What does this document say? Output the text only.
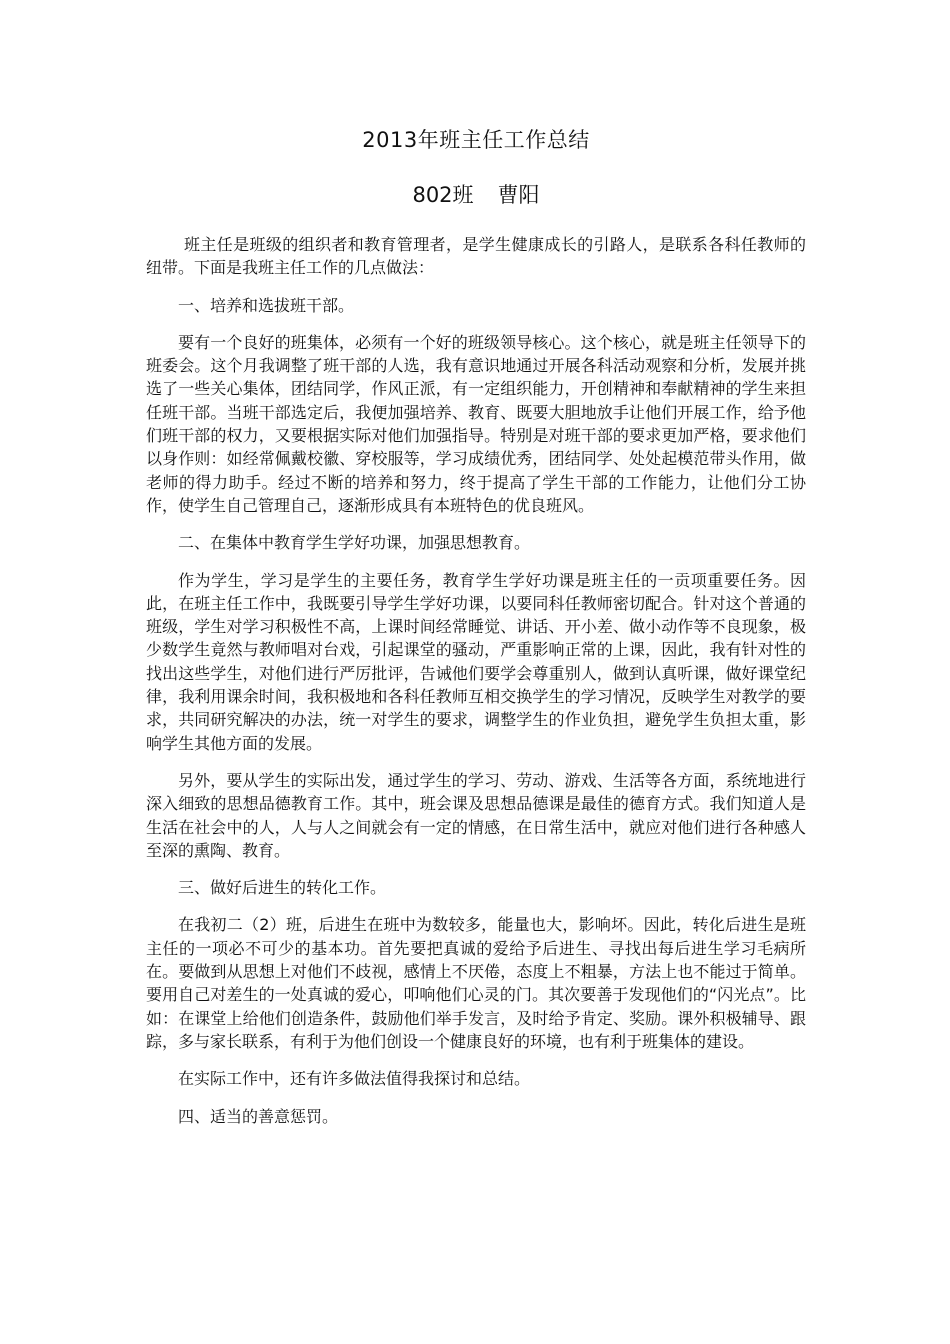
2013年班主任工作总结
802班 曹阳

班主任是班级的组织者和教育管理者，是学生健康成长的引路人，是联系各科任教师的纽带。下面是我班主任工作的几点做法：

一、培养和选拔班干部。

要有一个良好的班集体，必须有一个好的班级领导核心。这个核心，就是班主任领导下的班委会。这个月我调整了班干部的人选，我有意识地通过开展各科活动观察和分析，发展并挑选了一些关心集体，团结同学，作风正派，有一定组织能力，开创精神和奉献精神的学生来担任班干部。当班干部选定后，我便加强培养、教育、既要大胆地放手让他们开展工作，给予他们班干部的权力，又要根据实际对他们加强指导。特别是对班干部的要求更加严格，要求他们以身作则：如经常佩戴校徽、穿校服等，学习成绩优秀，团结同学、处处起模范带头作用，做老师的得力助手。经过不断的培养和努力，终于提高了学生干部的工作能力，让他们分工协作，使学生自己管理自己，逐渐形成具有本班特色的优良班风。

二、在集体中教育学生学好功课，加强思想教育。

作为学生，学习是学生的主要任务，教育学生学好功课是班主任的一贡项重要任务。因此，在班主任工作中，我既要引导学生学好功课，以要同科任教师密切配合。针对这个普通的班级，学生对学习积极性不高，上课时间经常睡觉、讲话、开小差、做小动作等不良现象，极少数学生竟然与教师唱对台戏，引起课堂的骚动，严重影响正常的上课，因此，我有针对性的找出这些学生，对他们进行严厉批评，告诫他们要学会尊重别人，做到认真听课，做好课堂纪律，我利用课余时间，我积极地和各科任教师互相交换学生的学习情况，反映学生对教学的要求，共同研究解决的办法，统一对学生的要求，调整学生的作业负担，避免学生负担太重，影响学生其他方面的发展。

另外，要从学生的实际出发，通过学生的学习、劳动、游戏、生活等各方面，系统地进行深入细致的思想品德教育工作。其中，班会课及思想品德课是最佳的德育方式。我们知道人是生活在社会中的人，人与人之间就会有一定的情感，在日常生活中，就应对他们进行各种感人至深的熏陶、教育。

三、做好后进生的转化工作。

在我初二（2）班，后进生在班中为数较多，能量也大，影响坏。因此，转化后进生是班主任的一项必不可少的基本功。首先要把真诚的爱给予后进生、寻找出每后进生学习毛病所在。要做到从思想上对他们不歧视，感情上不厌倦，态度上不粗暴，方法上也不能过于简单。要用自己对差生的一处真诚的爱心，叩响他们心灵的门。其次要善于发现他们的“闪光点”。比如：在课堂上给他们创造条件，鼓励他们举手发言，及时给予肯定、奖励。课外积极辅导、跟踪，多与家长联系，有利于为他们创设一个健康良好的环境，也有利于班集体的建设。

在实际工作中，还有许多做法值得我探讨和总结。

四、适当的善意惩罚。
